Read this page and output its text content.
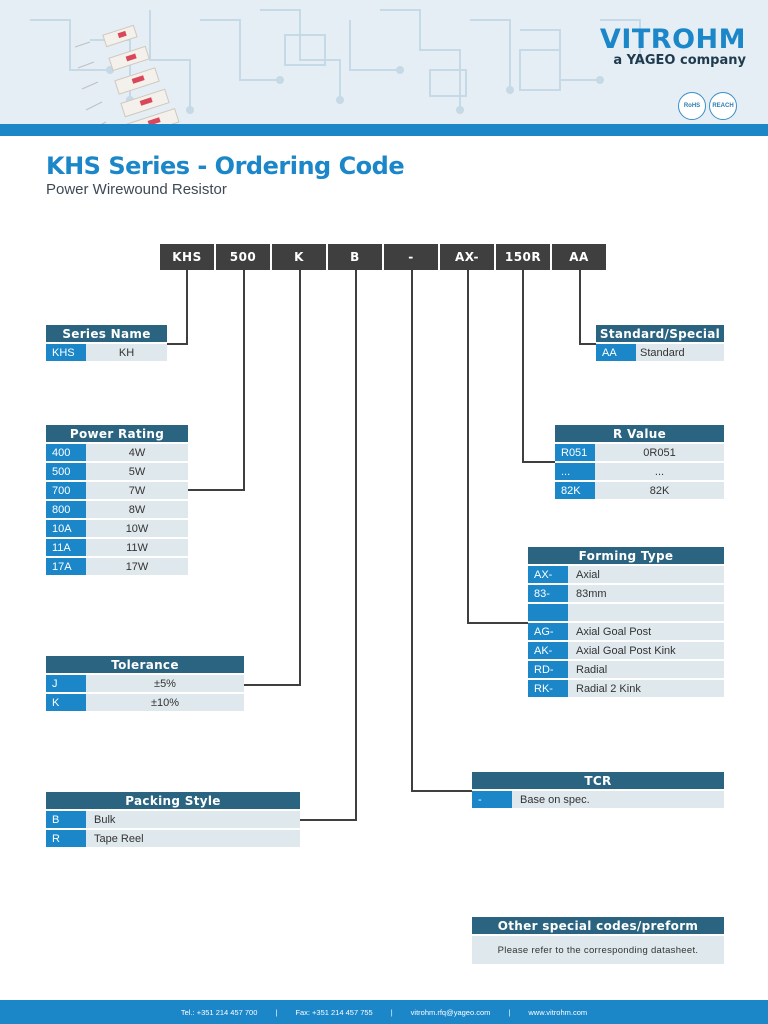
VITROHM
a YAGEO company
RoHS	REACH
KHS Series - Ordering Code
Power Wirewound Resistor
KHS	500	K	B	-	AX-	150R	AA
Series Name
KHS	KH
Power Rating
400	4W
500	5W
700	7W
800	8W
10A	10W
11A	11W
17A	17W
Tolerance
J	±5%
K	±10%
Packing Style
B	Bulk
R	Tape Reel
Standard/Special
AA	Standard
R Value
R051	0R051
...	...
82K	82K
Forming Type
AX-	Axial
83-	83mm
AG-	Axial Goal Post
AK-	Axial Goal Post Kink
RD-	Radial
RK-	Radial 2 Kink
TCR
-	Base on spec.
Other special codes/preform
Please refer to the corresponding datasheet.
Tel.: +351 214 457 700 | Fax: +351 214 457 755 | vitrohm.rfq@yageo.com | www.vitrohm.com
